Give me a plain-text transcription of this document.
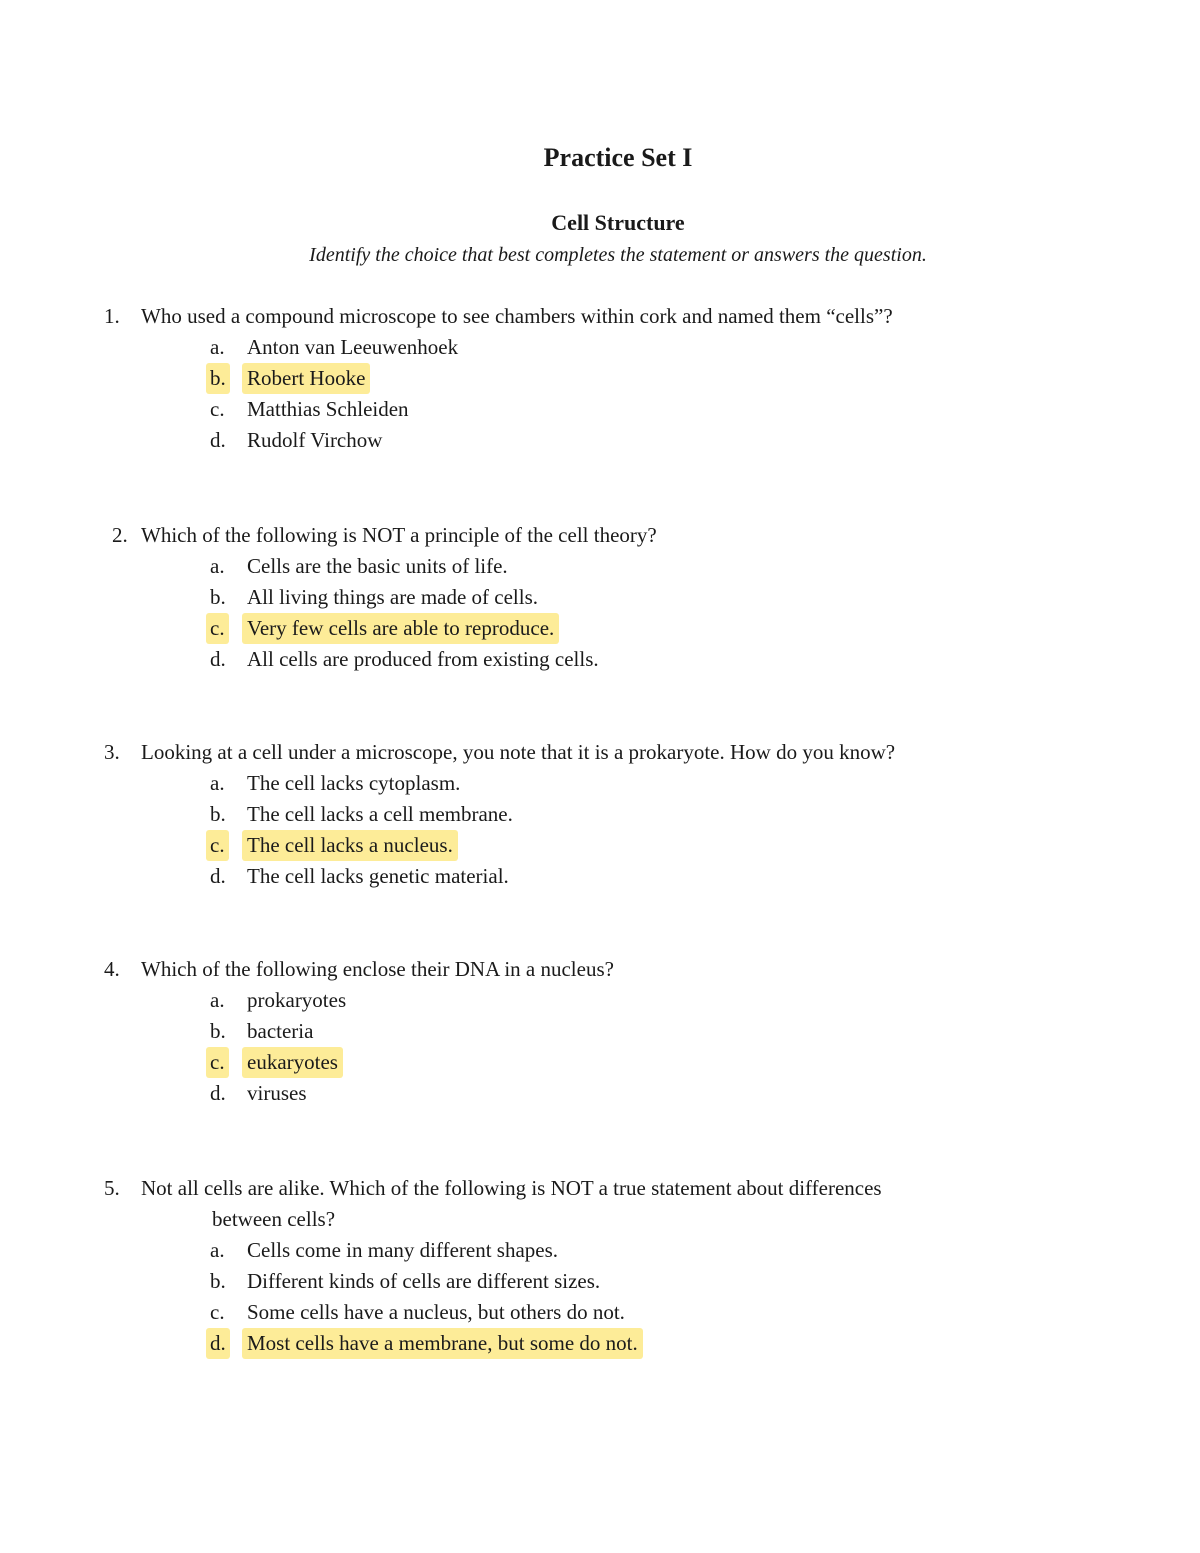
Practice Set I
Cell Structure
Identify the choice that best completes the statement or answers the question.
1.	Who used a compound microscope to see chambers within cork and named them “cells”?
a. Anton van Leeuwenhoek
b. Robert Hooke
c. Matthias Schleiden
d. Rudolf Virchow
2. Which of the following is NOT a principle of the cell theory?
a. Cells are the basic units of life.
b. All living things are made of cells.
c. Very few cells are able to reproduce.
d. All cells are produced from existing cells.
3.	Looking at a cell under a microscope, you note that it is a prokaryote. How do you know?
a. The cell lacks cytoplasm.
b. The cell lacks a cell membrane.
c. The cell lacks a nucleus.
d. The cell lacks genetic material.
4.	Which of the following enclose their DNA in a nucleus?
a. prokaryotes
b. bacteria
c. eukaryotes
d. viruses
5.	Not all cells are alike. Which of the following is NOT a true statement about differences
between cells?
a. Cells come in many different shapes.
b. Different kinds of cells are different sizes.
c. Some cells have a nucleus, but others do not.
d. Most cells have a membrane, but some do not.
